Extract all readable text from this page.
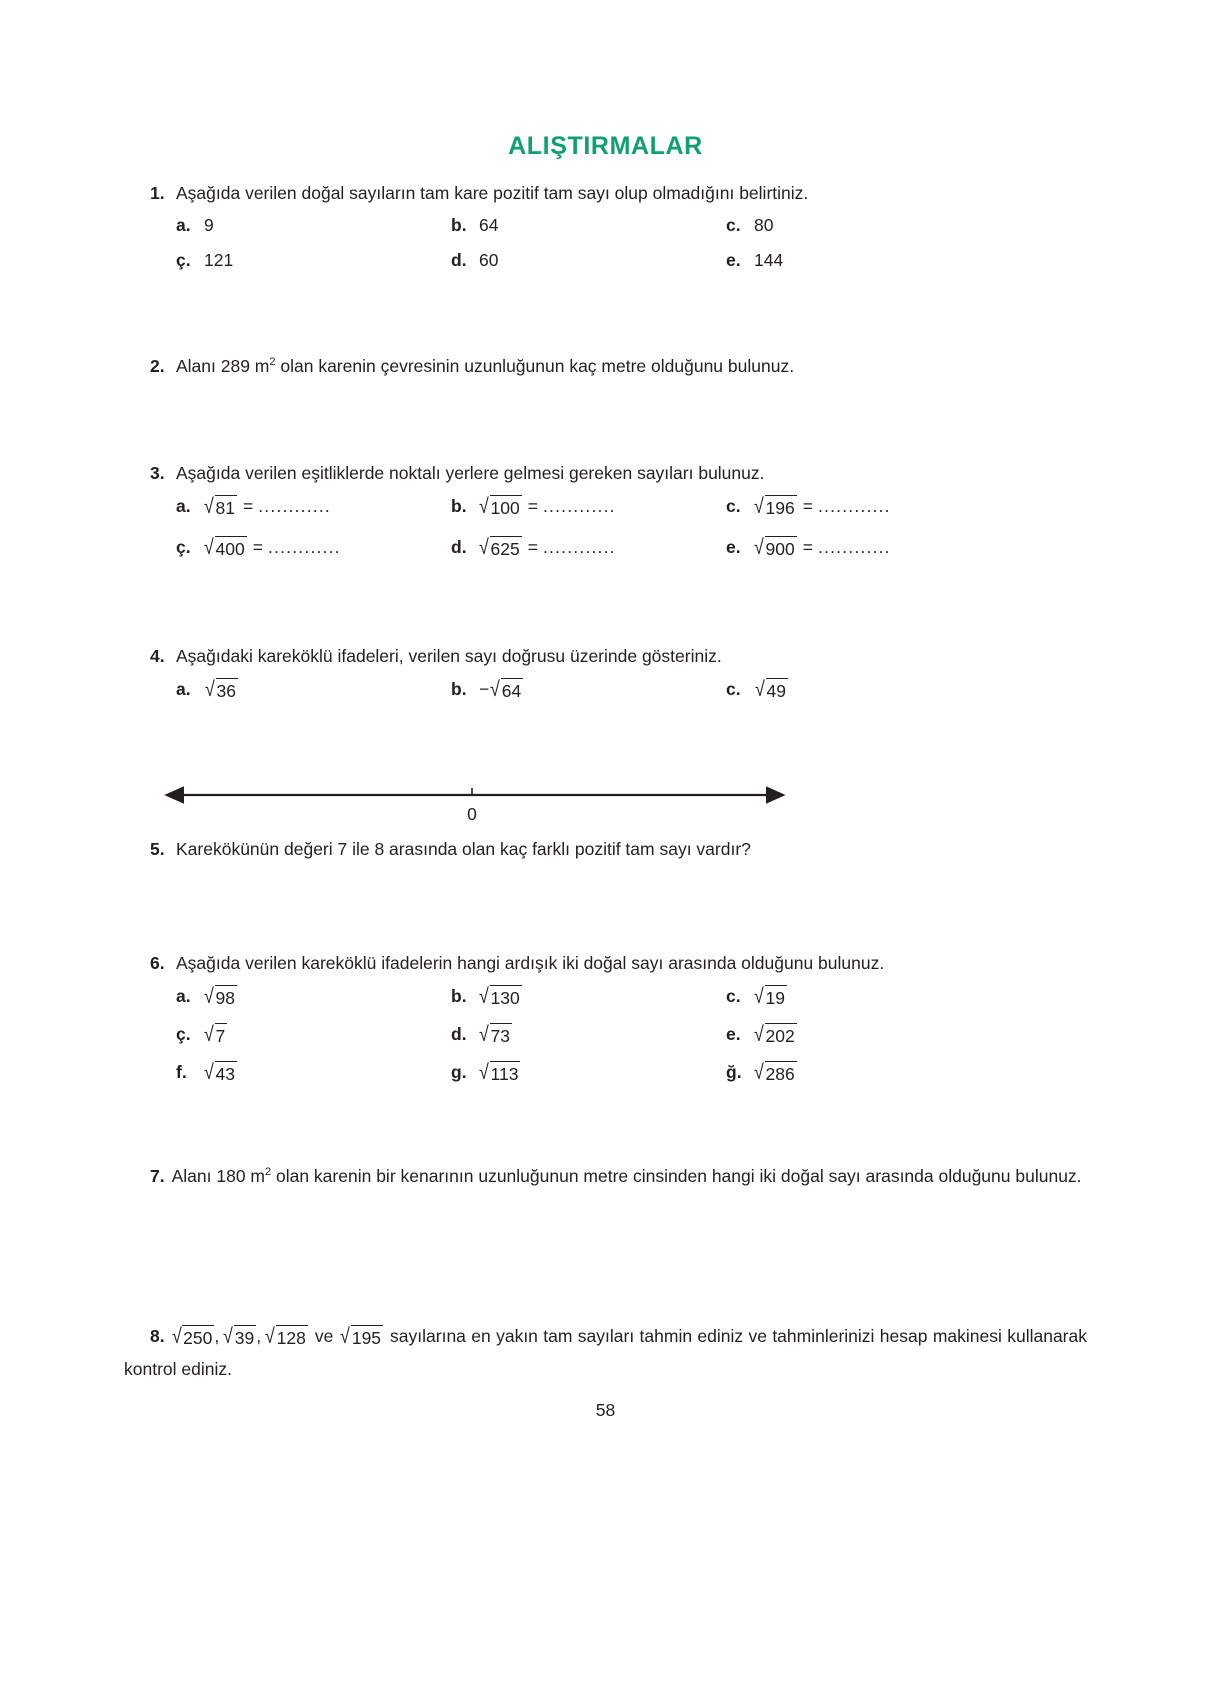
ALIŞTIRMALAR
1. Aşağıda verilen doğal sayıların tam kare pozitif tam sayı olup olmadığını belirtiniz.
a. 9	b. 64	c. 80
ç. 121	d. 60	e. 144
2. Alanı 289 $m^2$ olan karenin çevresinin uzunluğunun kaç metre olduğunu bulunuz.
3. Aşağıda verilen eşitliklerde noktalı yerlere gelmesi gereken sayıları bulunuz.
a. √ 81 = ............	b. √ 100 = ............	c. √ 196 = ............
ç. √ 400 = ............	d. √ 625 = ............	e. √ 900 = ............
4. Aşağıdaki kareköklü ifadeleri, verilen sayı doğrusu üzerinde gösteriniz.
a. √ 36	b. − √ 64	c. √ 49
0
5. Karekökünün değeri 7 ile 8 arasında olan kaç farklı pozitif tam sayı vardır?
6. Aşağıda verilen kareköklü ifadelerin hangi ardışık iki doğal sayı arasında olduğunu bulunuz.
a. √ 98	b. √ 130	c. √ 19
ç. √ 7	d. √ 73	e. √ 202
f. √ 43	g. √ 113	ğ. √ 286
7. Alanı 180 $m^2$ olan karenin bir kenarının uzunluğunun metre cinsinden hangi iki doğal sayı arasında olduğunu bulunuz.
8. √ 250 , √ 39 , √ 128 ve √ 195 sayılarına en yakın tam sayıları tahmin ediniz ve tahminlerinizi hesap makinesi kullanarak kontrol ediniz.
58
